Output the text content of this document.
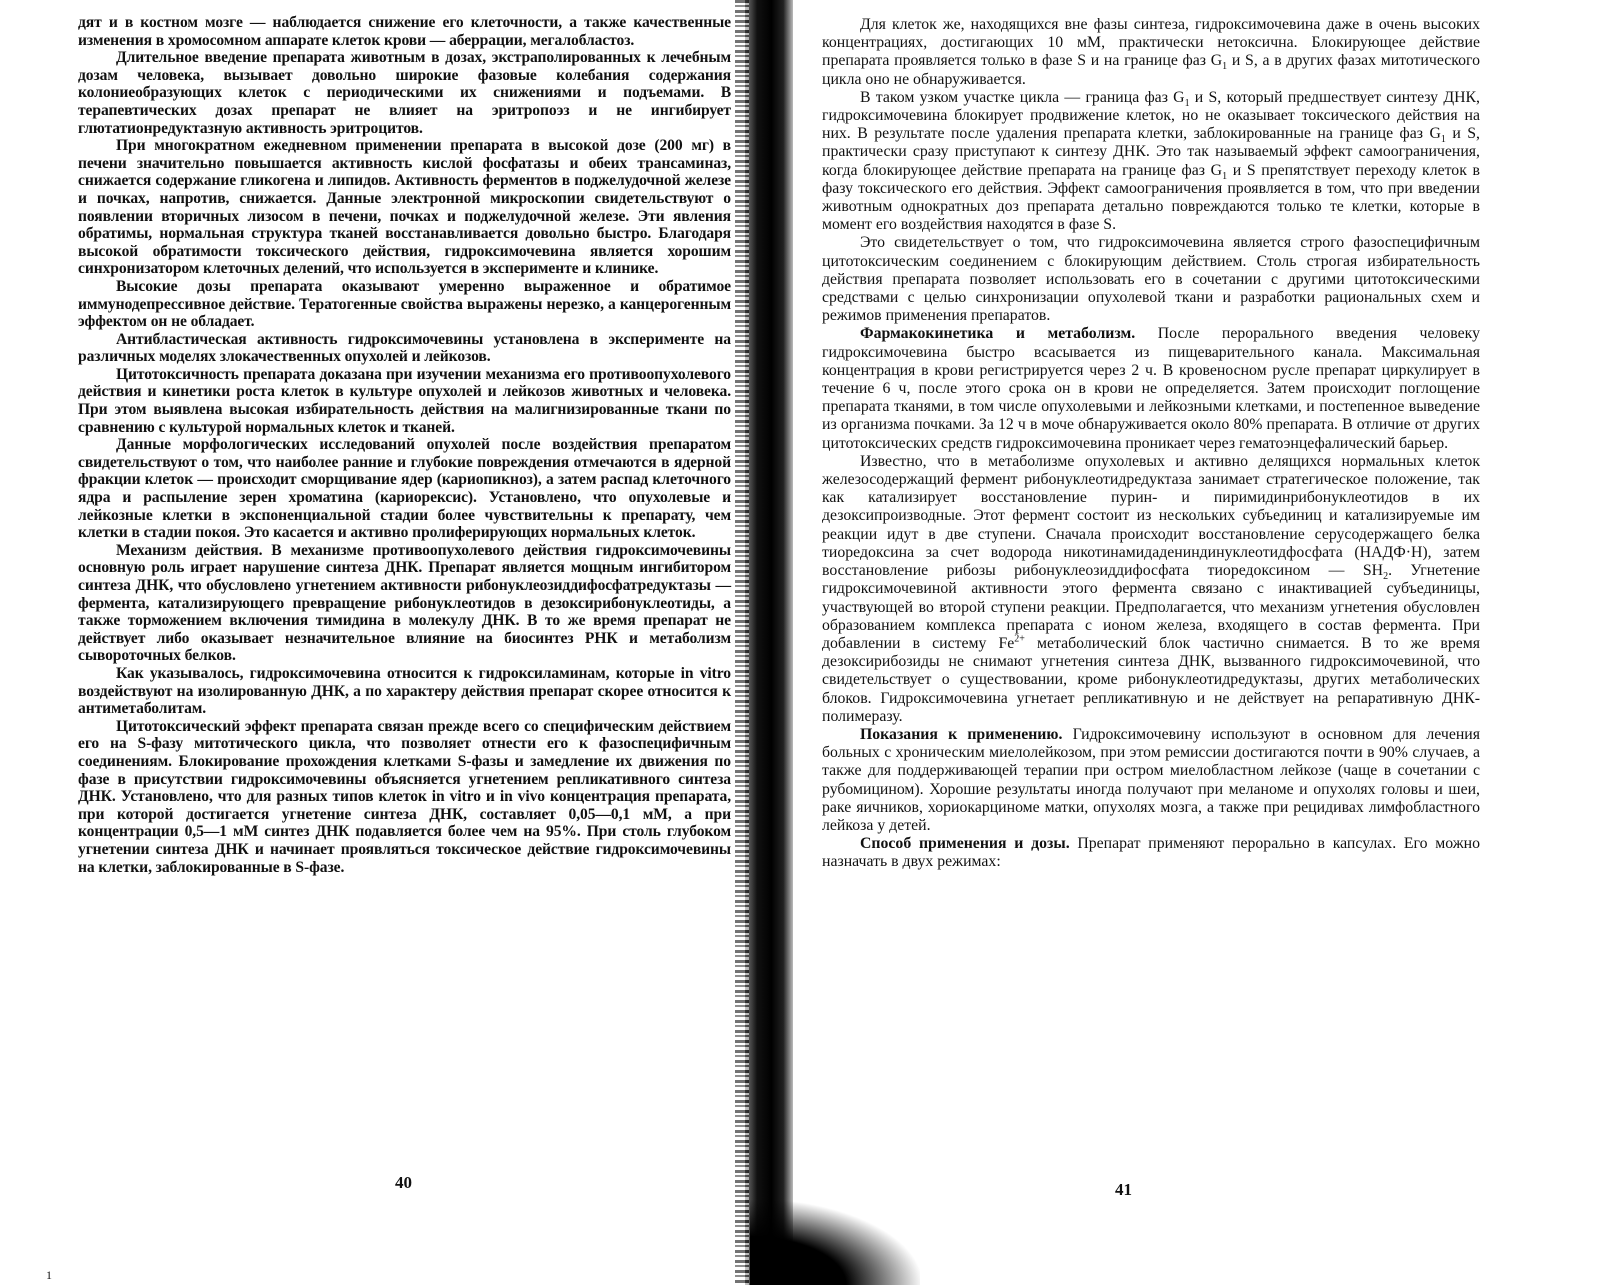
дят и в костном мозге — наблюдается снижение его клеточности, а также качественные изменения в хромосомном аппарате клеток крови — аберрации, мегалобластоз.

Длительное введение препарата животным в дозах, экстраполированных к лечебным дозам человека, вызывает довольно широкие фазовые колебания содержания колониеобразующих клеток с периодическими их снижениями и подъемами. В терапевтических дозах препарат не влияет на эритропоэз и не ингибирует глютатионредуктазную активность эритроцитов.

При многократном ежедневном применении препарата в высокой дозе (200 мг) в печени значительно повышается активность кислой фосфатазы и обеих трансаминаз, снижается содержание гликогена и липидов. Активность ферментов в поджелудочной железе и почках, напротив, снижается. Данные электронной микроскопии свидетельствуют о появлении вторичных лизосом в печени, почках и поджелудочной железе. Эти явления обратимы, нормальная структура тканей восстанавливается довольно быстро. Благодаря высокой обратимости токсического действия, гидроксимочевина является хорошим синхронизатором клеточных делений, что используется в эксперименте и клинике.

Высокие дозы препарата оказывают умеренно выраженное и обратимое иммунодепрессивное действие. Тератогенные свойства выражены нерезко, а канцерогенным эффектом он не обладает.

Антибластическая активность гидроксимочевины установлена в эксперименте на различных моделях злокачественных опухолей и лейкозов.

Цитотоксичность препарата доказана при изучении механизма его противоопухолевого действия и кинетики роста клеток в культуре опухолей и лейкозов животных и человека. При этом выявлена высокая избирательность действия на малигнизированные ткани по сравнению с культурой нормальных клеток и тканей.

Данные морфологических исследований опухолей после воздействия препаратом свидетельствуют о том, что наиболее ранние и глубокие повреждения отмечаются в ядерной фракции клеток — происходит сморщивание ядер (кариопикноз), а затем распад клеточного ядра и распыление зерен хроматина (кариорексис). Установлено, что опухолевые и лейкозные клетки в экспоненциальной стадии более чувствительны к препарату, чем клетки в стадии покоя. Это касается и активно пролиферирующих нормальных клеток.

Механизм действия. В механизме противоопухолевого действия гидроксимочевины основную роль играет нарушение синтеза ДНК. Препарат является мощным ингибитором синтеза ДНК, что обусловлено угнетением активности рибонуклеозиддифосфатредуктазы — фермента, катализирующего превращение рибонуклеотидов в дезоксирибонуклеотиды, а также торможением включения тимидина в молекулу ДНК. В то же время препарат не действует либо оказывает незначительное влияние на биосинтез РНК и метаболизм сывороточных белков.

Как указывалось, гидроксимочевина относится к гидроксиламинам, которые in vitro воздействуют на изолированную ДНК, а по характеру действия препарат скорее относится к антиметаболитам.

Цитотоксический эффект препарата связан прежде всего со специфическим действием его на S-фазу митотического цикла, что позволяет отнести его к фазоспецифичным соединениям. Блокирование прохождения клетками S-фазы и замедление их движения по фазе в присутствии гидроксимочевины объясняется угнетением репликативного синтеза ДНК. Установлено, что для разных типов клеток in vitro и in vivo концентрация препарата, при которой достигается угнетение синтеза ДНК, составляет 0,05—0,1 мМ, а при концентрации 0,5—1 мМ синтез ДНК подавляется более чем на 95%. При столь глубоком угнетении синтеза ДНК и начинает проявляться токсическое действие гидроксимочевины на клетки, заблокированные в S-фазе.

40
1

Для клеток же, находящихся вне фазы синтеза, гидроксимочевина даже в очень высоких концентрациях, достигающих 10 мМ, практически нетоксична. Блокирующее действие препарата проявляется только в фазе S и на границе фаз $G_1$ и S, а в других фазах митотического цикла оно не обнаруживается.

В таком узком участке цикла — граница фаз $G_1$ и S, который предшествует синтезу ДНК, гидроксимочевина блокирует продвижение клеток, но не оказывает токсического действия на них. В результате после удаления препарата клетки, заблокированные на границе фаз $G_1$ и S, практически сразу приступают к синтезу ДНК. Это так называемый эффект самоограничения, когда блокирующее действие препарата на границе фаз $G_1$ и S препятствует переходу клеток в фазу токсического его действия. Эффект самоограничения проявляется в том, что при введении животным однократных доз препарата детально повреждаются только те клетки, которые в момент его воздействия находятся в фазе S.

Это свидетельствует о том, что гидроксимочевина является строго фазоспецифичным цитотоксическим соединением с блокирующим действием. Столь строгая избирательность действия препарата позволяет использовать его в сочетании с другими цитотоксическими средствами с целью синхронизации опухолевой ткани и разработки рациональных схем и режимов применения препаратов.

Фармакокинетика и метаболизм. После перорального введения человеку гидроксимочевина быстро всасывается из пищеварительного канала. Максимальная концентрация в крови регистрируется через 2 ч. В кровеносном русле препарат циркулирует в течение 6 ч, после этого срока он в крови не определяется. Затем происходит поглощение препарата тканями, в том числе опухолевыми и лейкозными клетками, и постепенное выведение из организма почками. За 12 ч в моче обнаруживается около 80% препарата. В отличие от других цитотоксических средств гидроксимочевина проникает через гематоэнцефалический барьер.

Известно, что в метаболизме опухолевых и активно делящихся нормальных клеток железосодержащий фермент рибонуклеотидредуктаза занимает стратегическое положение, так как катализирует восстановление пурин- и пиримидинрибонуклеотидов в их дезоксипроизводные. Этот фермент состоит из нескольких субъединиц и катализируемые им реакции идут в две ступени. Сначала происходит восстановление серусодержащего белка тиоредоксина за счет водорода никотинамидадениндинуклеотидфосфата (НАДФ·Н), затем восстановление рибозы рибонуклеозиддифосфата тиоредоксином — $SH_2$. Угнетение гидроксимочевиной активности этого фермента связано с инактивацией субъединицы, участвующей во второй ступени реакции. Предполагается, что механизм угнетения обусловлен образованием комплекса препарата с ионом железа, входящего в состав фермента. При добавлении в систему $Fe^{2+}$ метаболический блок частично снимается. В то же время дезоксирибозиды не снимают угнетения синтеза ДНК, вызванного гидроксимочевиной, что свидетельствует о существовании, кроме рибонуклеотидредуктазы, других метаболических блоков. Гидроксимочевина угнетает репликативную и не действует на репаративную ДНК-полимеразу.

Показания к применению. Гидроксимочевину используют в основном для лечения больных с хроническим миелолейкозом, при этом ремиссии достигаются почти в 90% случаев, а также для поддерживающей терапии при остром миелобластном лейкозе (чаще в сочетании с рубомицином). Хорошие результаты иногда получают при меланоме и опухолях головы и шеи, раке яичников, хориокарциноме матки, опухолях мозга, а также при рецидивах лимфобластного лейкоза у детей.

Способ применения и дозы. Препарат применяют перорально в капсулах. Его можно назначать в двух режимах:

41
